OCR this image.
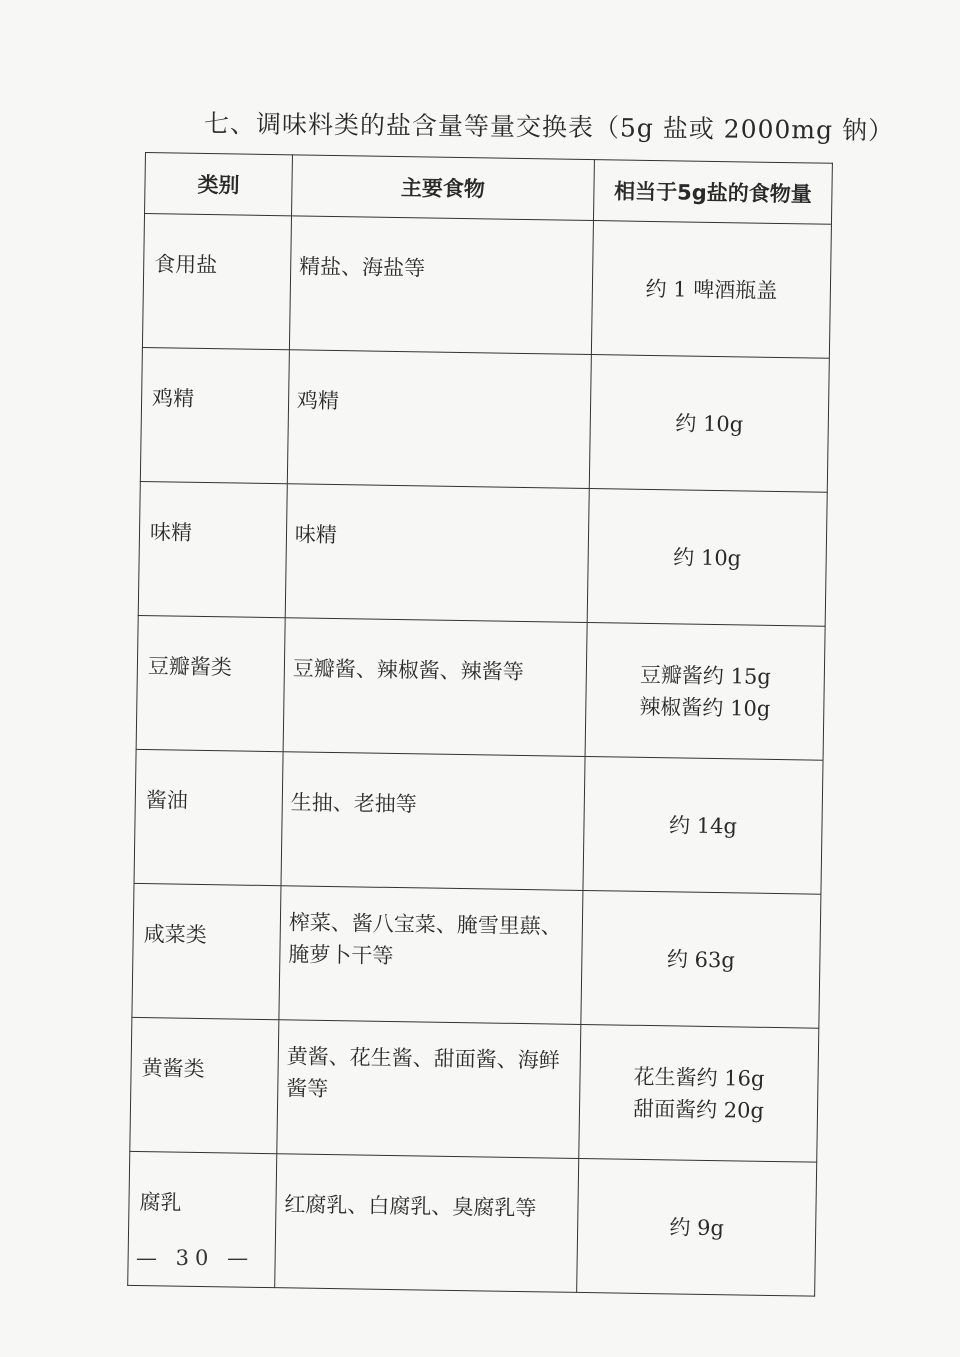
七、调味料类的盐含量等量交换表（5g 盐或 2000mg 钠）
类别	主要食物	相当于5g盐的食物量
食用盐	精盐、海盐等	约 1 啤酒瓶盖

鸡精	鸡精	约 10g

味精	味精	约 10g

豆瓣酱类	豆瓣酱、辣椒酱、辣酱等	豆瓣酱约 15g
辣椒酱约 10g

酱油	生抽、老抽等	约 14g

咸菜类	榨菜、酱八宝菜、腌雪里蕻、腌萝卜干等	约 63g

黄酱类	黄酱、花生酱、甜面酱、海鲜酱等	花生酱约 16g
甜面酱约 20g

腐乳	红腐乳、白腐乳、臭腐乳等	约 9g
— 30 —
